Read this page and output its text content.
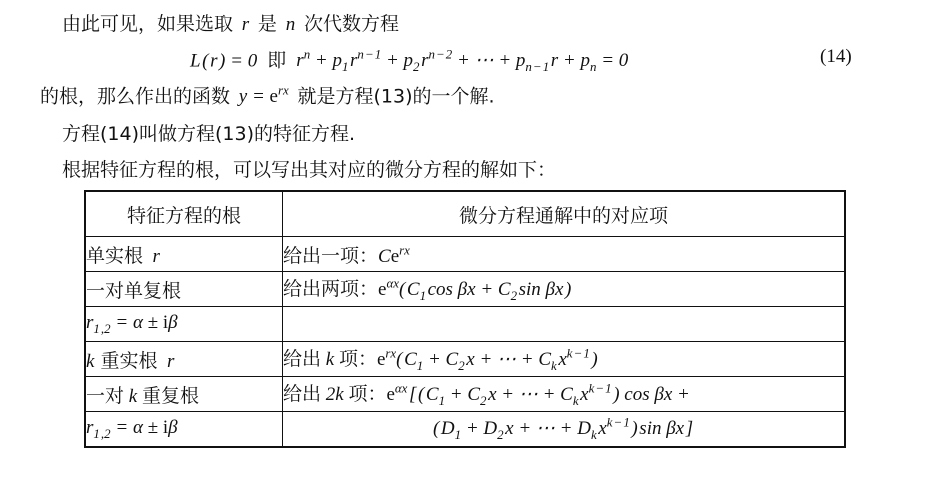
由此可见，如果选取  r  是  n  次代数方程
L ( r ) = 0  即  $r^n + p_1$ $r^{n - 1} + p_2$ $r^{n - 2}$ + ⋯ + $p_{n - 1}$ $r + p_n = 0$	(14)
的根，那么作出的函数  $y = e^{rx}$ 就是方程(13)的一个解.
方程(14)叫做方程(13)的特征方程.
根据特征方程的根，可以写出其对应的微分方程的解如下：
特征方程的根	微分方程通解中的对应项
单实根  r	给出一项：$Ce^{rx}$
一对单复根	给出两项：$e^{\alpha x}$( $C_1$ $\cos \beta x + C_2$ sin βx )
$r_{1 ,2} = \alpha \pm i\beta$	
k 重实根  r	给出 k 项：$e^{rx}$( $C_1 + C_2$ x + ⋯ + $C_k$ $x^{k - 1}$ )
一对 k 重复根	给出 2k 项：$e^{\alpha x}$ [ ( $C_1 + C_2$ x + ⋯ + $C_k$ $x^{k - 1}$ ) cos βx +
$r_{1 ,2} = \alpha \pm i\beta$	( $D_1 + D_2$ x + ⋯ + $D_k$ $x^{k - 1}$ ) sin βx ]
